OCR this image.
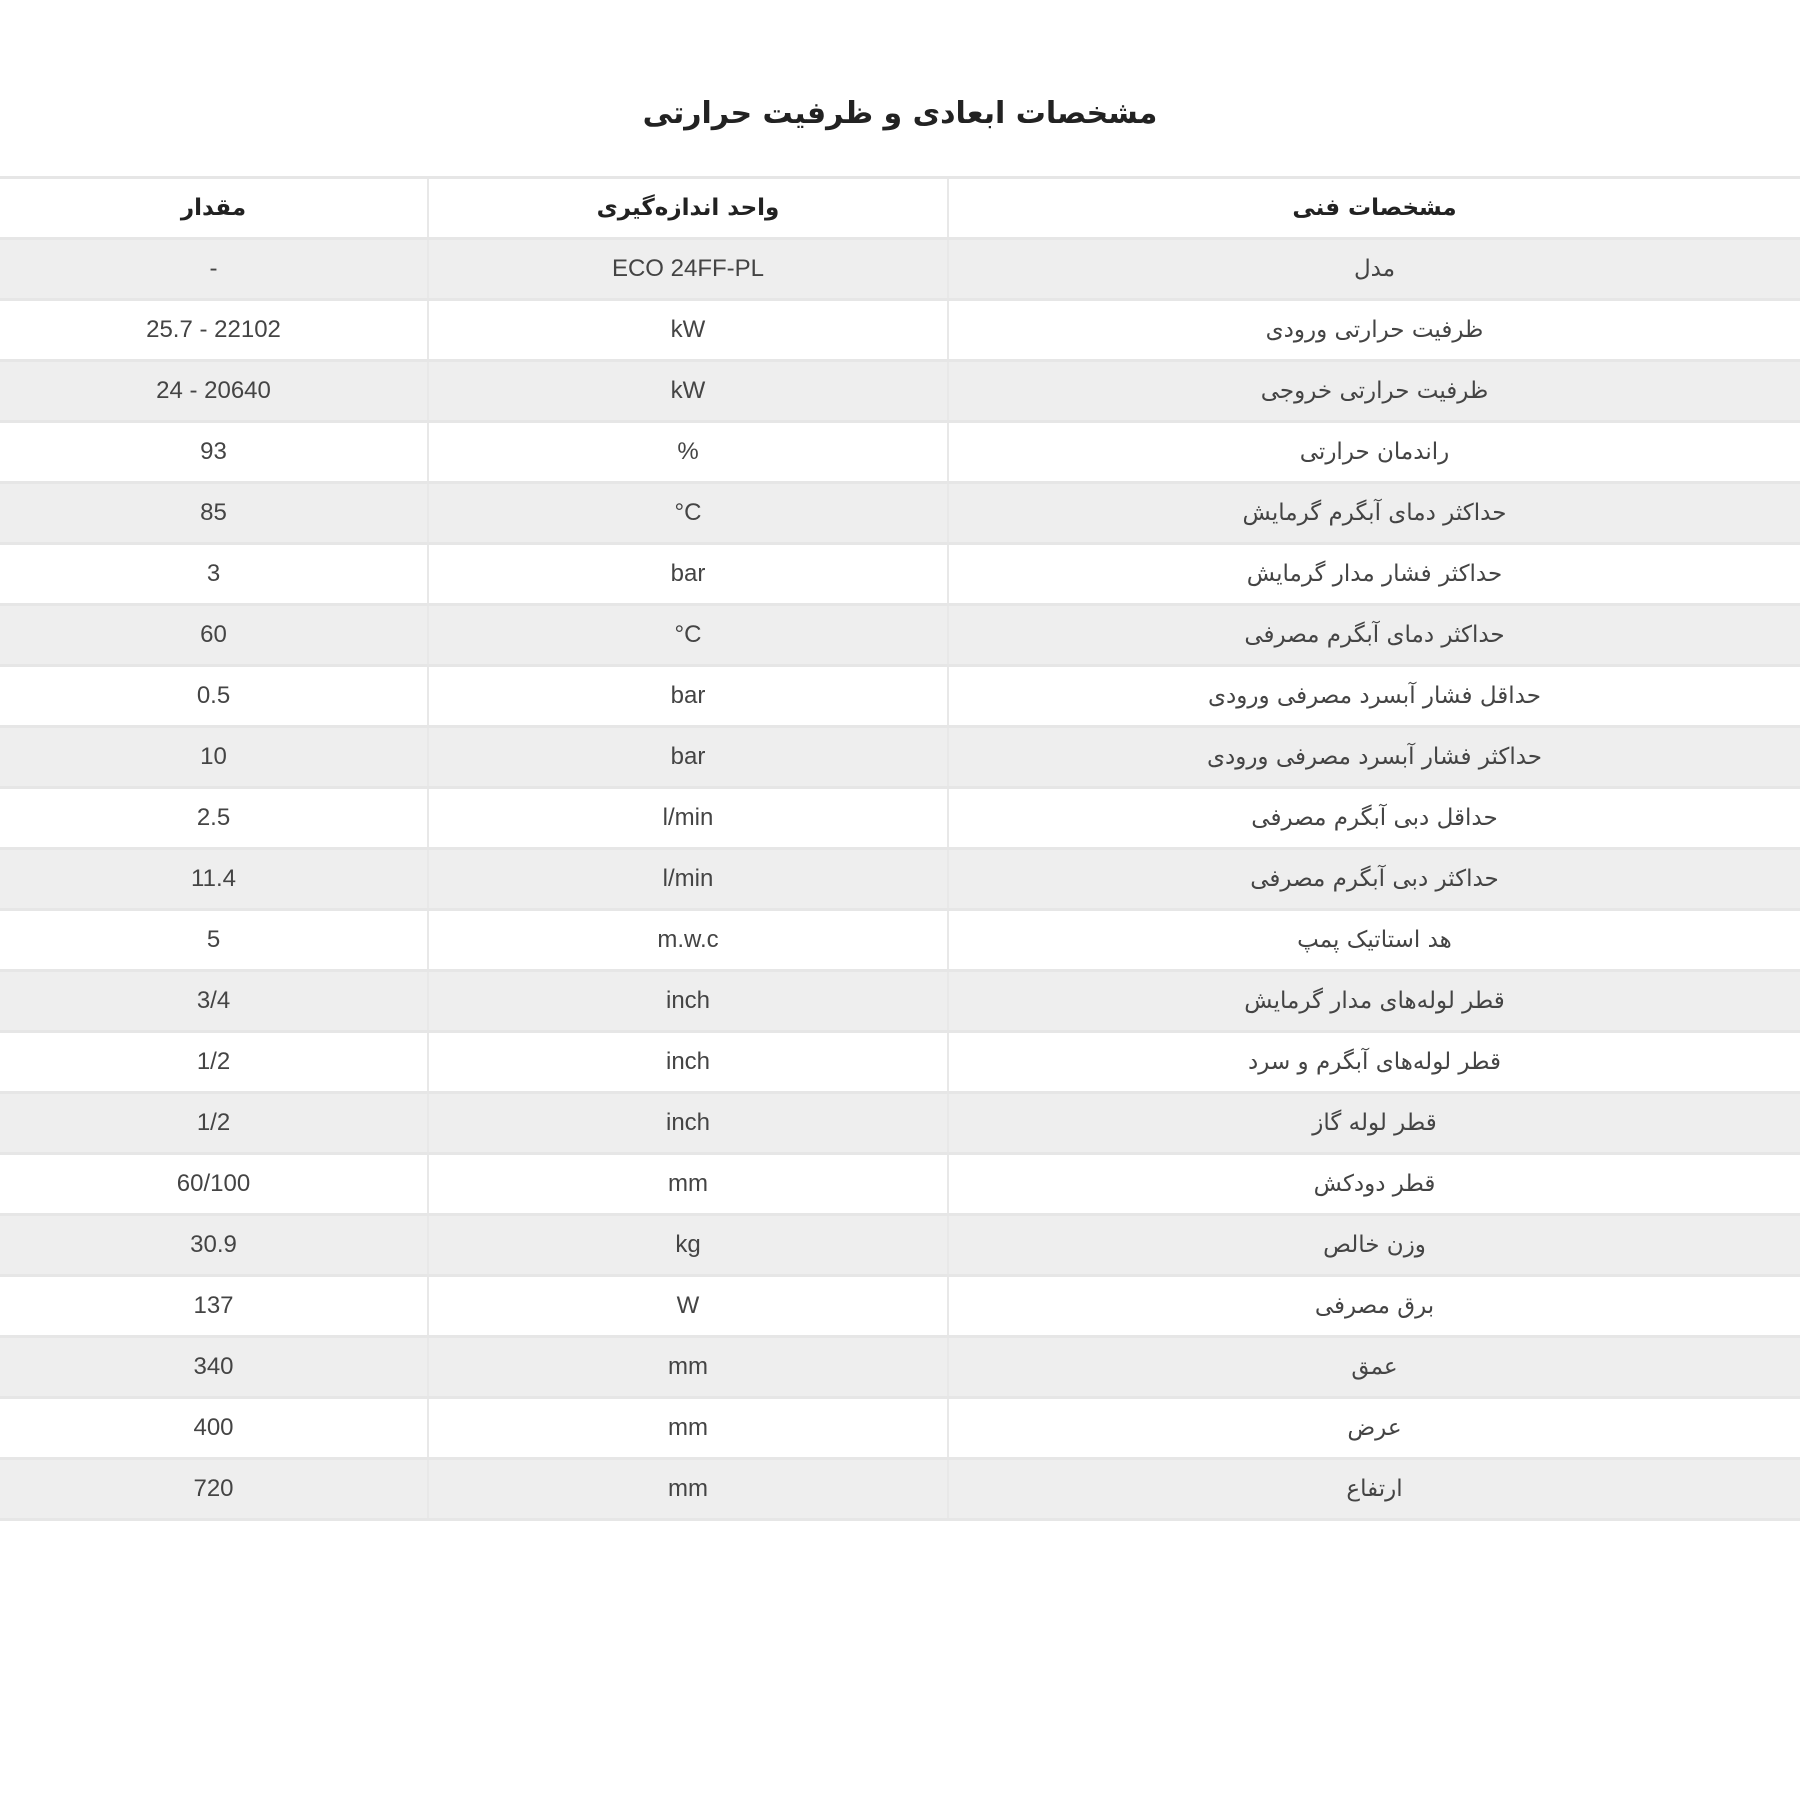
مشخصات ابعادی و ظرفیت حرارتی
مقدار	واحد اندازه‌گیری	مشخصات فنی
-	ECO 24FF-PL	مدل
25.7 - 22102	kW	ظرفیت حرارتی ورودی
24 - 20640	kW	ظرفیت حرارتی خروجی
93	%	راندمان حرارتی
85	°C	حداکثر دمای آبگرم گرمایش
3	bar	حداکثر فشار مدار گرمایش
60	°C	حداکثر دمای آبگرم مصرفی
0.5	bar	حداقل فشار آبسرد مصرفی ورودی
10	bar	حداکثر فشار آبسرد مصرفی ورودی
2.5	l/min	حداقل دبی آبگرم مصرفی
11.4	l/min	حداکثر دبی آبگرم مصرفی
5	m.w.c	هد استاتیک پمپ
3/4	inch	قطر لوله‌های مدار گرمایش
1/2	inch	قطر لوله‌های آبگرم و سرد
1/2	inch	قطر لوله گاز
60/100	mm	قطر دودکش
30.9	kg	وزن خالص
137	W	برق مصرفی
340	mm	عمق
400	mm	عرض
720	mm	ارتفاع
